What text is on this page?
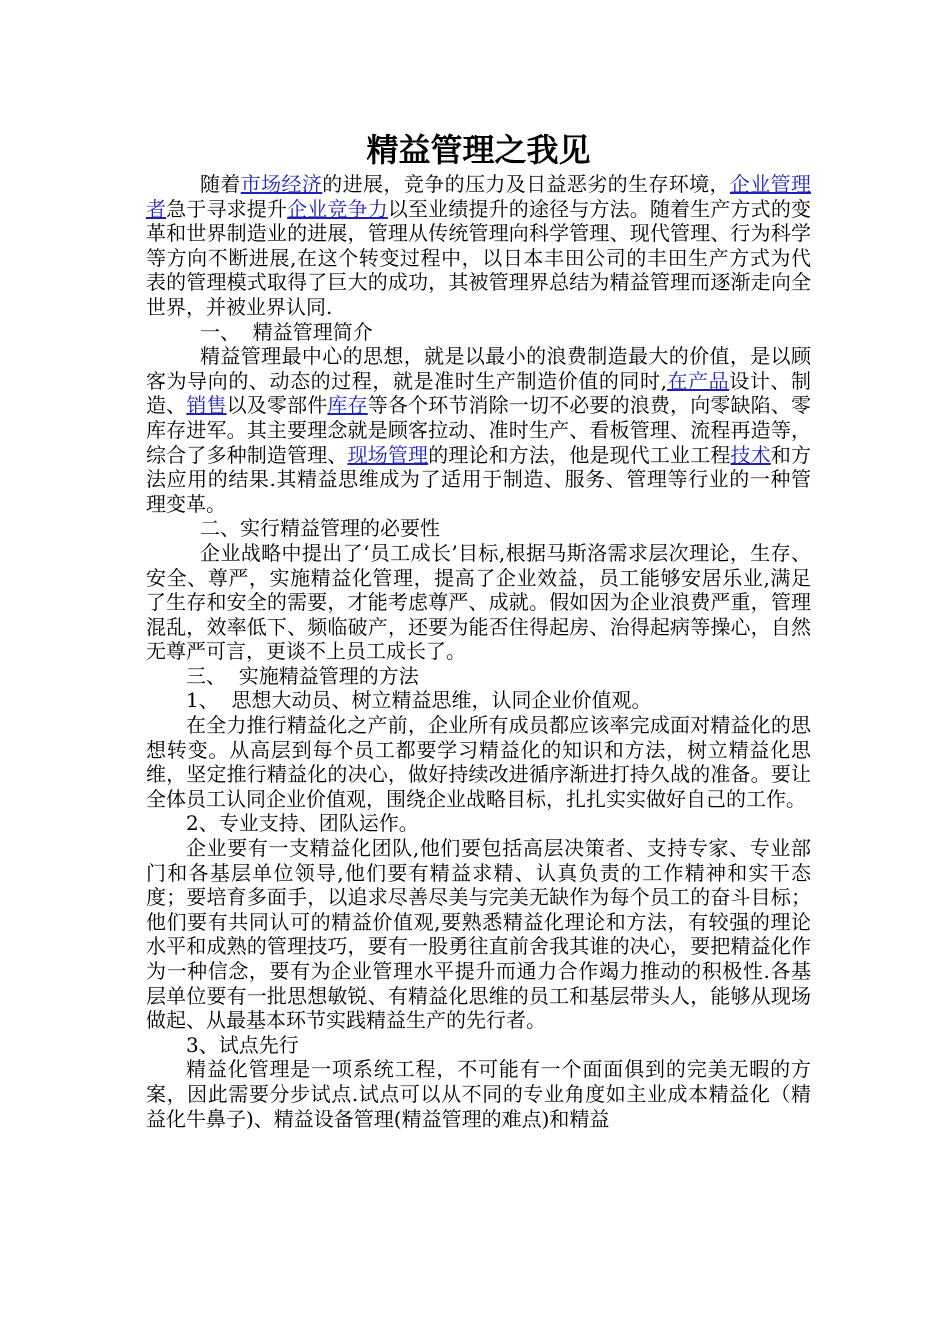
精益管理之我见

随着市场经济的进展，竞争的压力及日益恶劣的生存环境，企业管理者急于寻求提升企业竞争力以至业绩提升的途径与方法。随着生产方式的变革和世界制造业的进展，管理从传统管理向科学管理、现代管理、行为科学等方向不断进展,在这个转变过程中，以日本丰田公司的丰田生产方式为代表的管理模式取得了巨大的成功，其被管理界总结为精益管理而逐渐走向全世界，并被业界认同.

一、  精益管理简介

精益管理最中心的思想，就是以最小的浪费制造最大的价值，是以顾客为导向的、动态的过程，就是准时生产制造价值的同时,在产品设计、制造、销售以及零部件库存等各个环节消除一切不必要的浪费，向零缺陷、零库存进军。其主要理念就是顾客拉动、准时生产、看板管理、流程再造等，综合了多种制造管理、现场管理的理论和方法，他是现代工业工程技术和方法应用的结果.其精益思维成为了适用于制造、服务、管理等行业的一种管理变革。

二、实行精益管理的必要性

企业战略中提出了‘员工成长’目标,根据马斯洛需求层次理论，生存、安全、尊严，实施精益化管理，提高了企业效益，员工能够安居乐业,满足了生存和安全的需要，才能考虑尊严、成就。假如因为企业浪费严重，管理混乱，效率低下、频临破产，还要为能否住得起房、治得起病等操心，自然无尊严可言，更谈不上员工成长了。

三、  实施精益管理的方法

1、  思想大动员、树立精益思维，认同企业价值观。

在全力推行精益化之产前，企业所有成员都应该率完成面对精益化的思想转变。从高层到每个员工都要学习精益化的知识和方法，树立精益化思维，坚定推行精益化的决心，做好持续改进循序渐进打持久战的准备。要让全体员工认同企业价值观，围绕企业战略目标，扎扎实实做好自己的工作。

2、专业支持、团队运作。

企业要有一支精益化团队,他们要包括高层决策者、支持专家、专业部门和各基层单位领导,他们要有精益求精、认真负责的工作精神和实干态度；要培育多面手，以追求尽善尽美与完美无缺作为每个员工的奋斗目标；他们要有共同认可的精益价值观,要熟悉精益化理论和方法，有较强的理论水平和成熟的管理技巧，要有一股勇往直前舍我其谁的决心，要把精益化作为一种信念，要有为企业管理水平提升而通力合作竭力推动的积极性.各基层单位要有一批思想敏锐、有精益化思维的员工和基层带头人，能够从现场做起、从最基本环节实践精益生产的先行者。

3、试点先行

精益化管理是一项系统工程，不可能有一个面面俱到的完美无暇的方案，因此需要分步试点.试点可以从不同的专业角度如主业成本精益化（精益化牛鼻子)、精益设备管理(精益管理的难点)和精益
